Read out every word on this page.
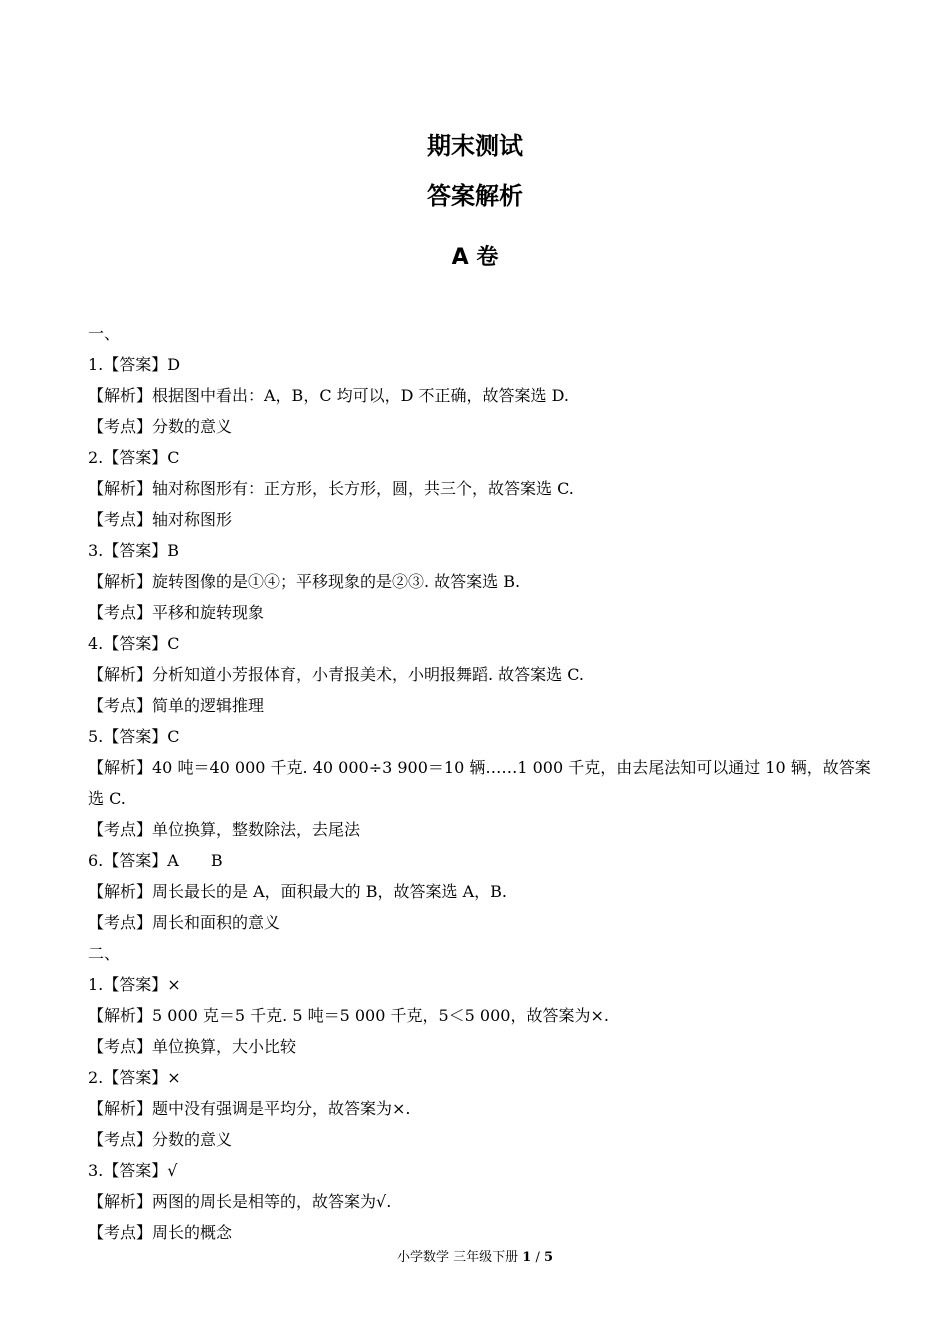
期末测试
答案解析
A 卷

一、

1.【答案】D

【解析】根据图中看出：A，B，C 均可以，D 不正确，故答案选 D.

【考点】分数的意义

2.【答案】C

【解析】轴对称图形有：正方形，长方形，圆，共三个，故答案选 C.

【考点】轴对称图形

3.【答案】B

【解析】旋转图像的是①④；平移现象的是②③. 故答案选 B.

【考点】平移和旋转现象

4.【答案】C

【解析】分析知道小芳报体育，小青报美术，小明报舞蹈. 故答案选 C.

【考点】简单的逻辑推理

5.【答案】C

【解析】40 吨＝40 000 千克. 40 000÷3 900＝10 辆……1 000 千克，由去尾法知可以通过 10 辆，故答案选 C.

【考点】单位换算，整数除法，去尾法

6.【答案】A　　B

【解析】周长最长的是 A，面积最大的 B，故答案选 A，B.

【考点】周长和面积的意义

二、

1.【答案】×

【解析】5 000 克＝5 千克. 5 吨＝5 000 千克，5＜5 000，故答案为×.

【考点】单位换算，大小比较

2.【答案】×

【解析】题中没有强调是平均分，故答案为×.

【考点】分数的意义

3.【答案】√

【解析】两图的周长是相等的，故答案为√.

【考点】周长的概念

小学数学 三年级下册 1 / 5
